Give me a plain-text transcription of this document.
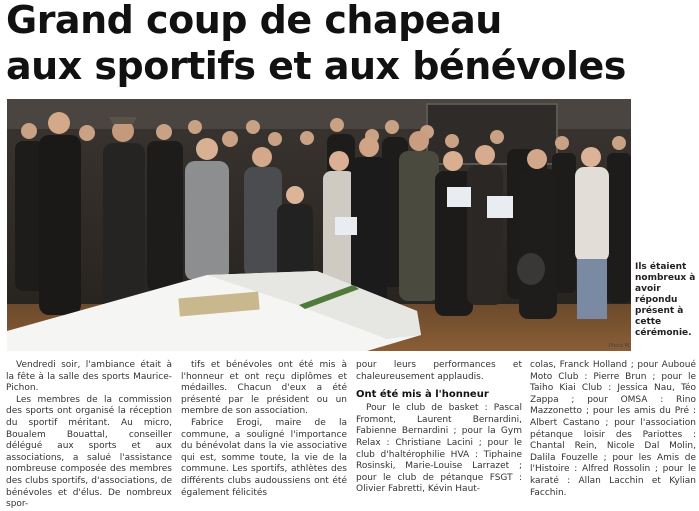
Grand coup de chapeau
aux sportifs et aux bénévoles
Photo M.
Ils étaient nombreux à avoir répondu présent à cette cérémonie.

Vendredi soir, l'ambiance était à la fête à la salle des sports Maurice-Pichon.

Les membres de la commission des sports ont organisé la réception du sportif méritant. Au micro, Boualem Bouattal, conseiller délégué aux sports et aux associations, a salué l'assistance nombreuse composée des membres des clubs sportifs, d'associations, de bénévoles et d'élus. De nombreux spor-

tifs et bénévoles ont été mis à l'honneur et ont reçu diplômes et médailles. Chacun d'eux a été présenté par le président ou un membre de son association.

Fabrice Erogi, maire de la commune, a souligné l'importance du bénévolat dans la vie associative qui est, somme toute, la vie de la commune. Les sportifs, athlètes des différents clubs audoussiens ont été également félicités

pour leurs performances et chaleureusement applaudis.

Ont été mis à l'honneur

Pour le club de basket : Pascal Fromont, Laurent Bernardini, Fabienne Bernardini ; pour la Gym Relax : Christiane Lacini ; pour le club d'haltérophilie HVA : Tiphaine Rosinski, Marie-Louise Larrazet ; pour le club de pétanque FSGT : Olivier Fabretti, Kévin Haut-

colas, Franck Holland ; pour Auboué Moto Club : Pierre Brun ; pour le Taiho Kiai Club : Jessica Nau, Téo Zappa ; pour OMSA : Rino Mazzonetto ; pour les amis du Pré : Albert Castano ; pour l'association pétanque loisir des Pariottes : Chantal Rein, Nicole Dal Molin, Dalila Fouzelle ; pour les Amis de l'Histoire : Alfred Rossolin ; pour le karaté : Allan Lacchin et Kylian Facchin.
